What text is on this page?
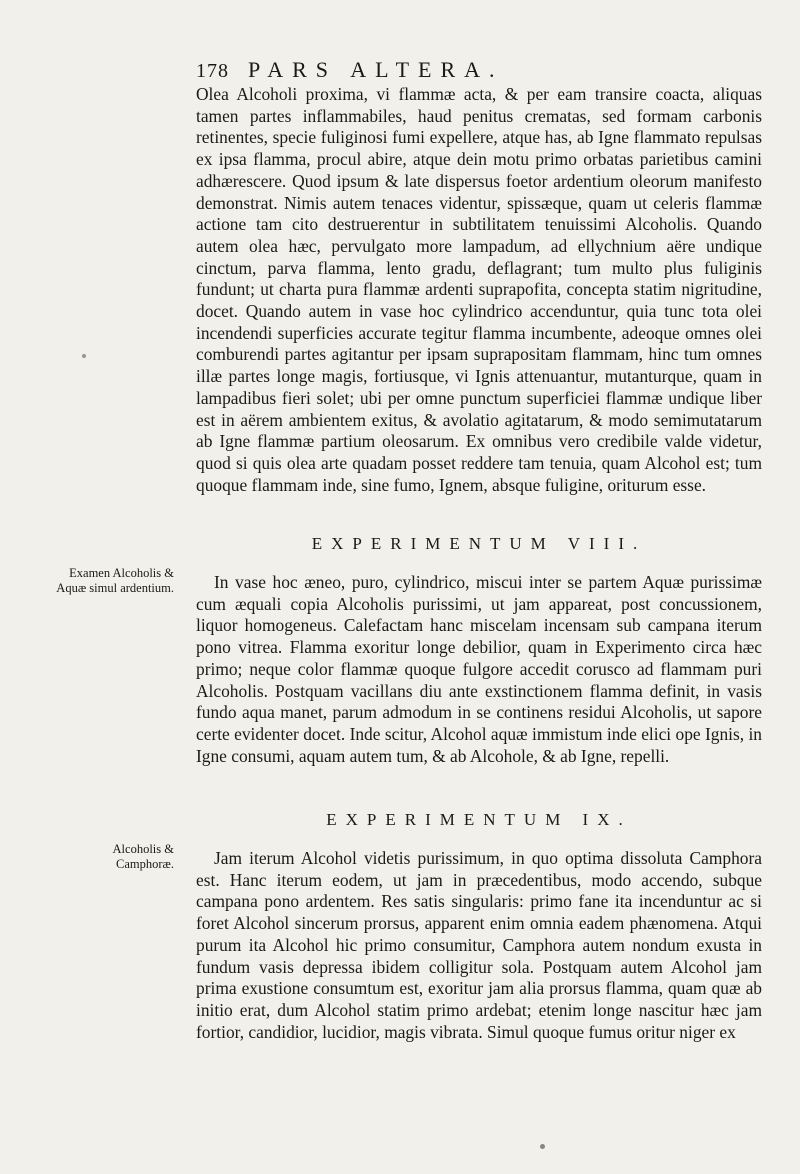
178 PARS ALTERA.

Olea Alcoholi proxima, vi flammæ acta, & per eam transire coacta, aliquas tamen partes inflammabiles, haud penitus crematas, sed formam carbonis retinentes, specie fuliginosi fumi expellere, atque has, ab Igne flammato repulsas ex ipsa flamma, procul abire, atque dein motu primo orbatas parietibus camini adhærescere. Quod ipsum & late dispersus foetor ardentium oleorum manifesto demonstrat. Nimis autem tenaces videntur, spissæque, quam ut celeris flammæ actione tam cito destruerentur in subtilitatem tenuissimi Alcoholis. Quando autem olea hæc, pervulgato more lampadum, ad ellychnium aëre undique cinctum, parva flamma, lento gradu, deflagrant; tum multo plus fuliginis fundunt; ut charta pura flammæ ardenti suprapofita, concepta statim nigritudine, docet. Quando autem in vase hoc cylindrico accenduntur, quia tunc tota olei incendendi superficies accurate tegitur flamma incumbente, adeoque omnes olei comburendi partes agitantur per ipsam suprapositam flammam, hinc tum omnes illæ partes longe magis, fortiusque, vi Ignis attenuantur, mutanturque, quam in lampadibus fieri solet; ubi per omne punctum superficiei flammæ undique liber est in aërem ambientem exitus, & avolatio agitatarum, & modo semimutatarum ab Igne flammæ partium oleosarum. Ex omnibus vero credibile valde videtur, quod si quis olea arte quadam posset reddere tam tenuia, quam Alcohol est; tum quoque flammam inde, sine fumo, Ignem, absque fuligine, oriturum esse.

EXPERIMENTUM VIII.
Examen Alcoholis & Aquæ simul ardentium.	In vase hoc æneo, puro, cylindrico, miscui inter se partem Aquæ purissimæ cum æquali copia Alcoholis purissimi, ut jam appareat, post concussionem, liquor homogeneus. Calefactam hanc miscelam incensam sub campana iterum pono vitrea. Flamma exoritur longe debilior, quam in Experimento circa hæc primo; neque color flammæ quoque fulgore accedit corusco ad flammam puri Alcoholis. Postquam vacillans diu ante exstinctionem flamma definit, in vasis fundo aqua manet, parum admodum in se continens residui Alcoholis, ut sapore certe evidenter docet. Inde scitur, Alcohol aquæ immistum inde elici ope Ignis, in Igne consumi, aquam autem tum, & ab Alcohole, & ab Igne, repelli.

EXPERIMENTUM IX.
Alcoholis & Camphoræ.	Jam iterum Alcohol videtis purissimum, in quo optima dissoluta Camphora est. Hanc iterum eodem, ut jam in præcedentibus, modo accendo, subque campana pono ardentem. Res satis singularis: primo fane ita incenduntur ac si foret Alcohol sincerum prorsus, apparent enim omnia eadem phænomena. Atqui purum ita Alcohol hic primo consumitur, Camphora autem nondum exusta in fundum vasis depressa ibidem colligitur sola. Postquam autem Alcohol jam prima exustione consumtum est, exoritur jam alia prorsus flamma, quam quæ ab initio erat, dum Alcohol statim primo ardebat; etenim longe nascitur hæc jam fortior, candidior, lucidior, magis vibrata. Simul quoque fumus oritur niger ex
